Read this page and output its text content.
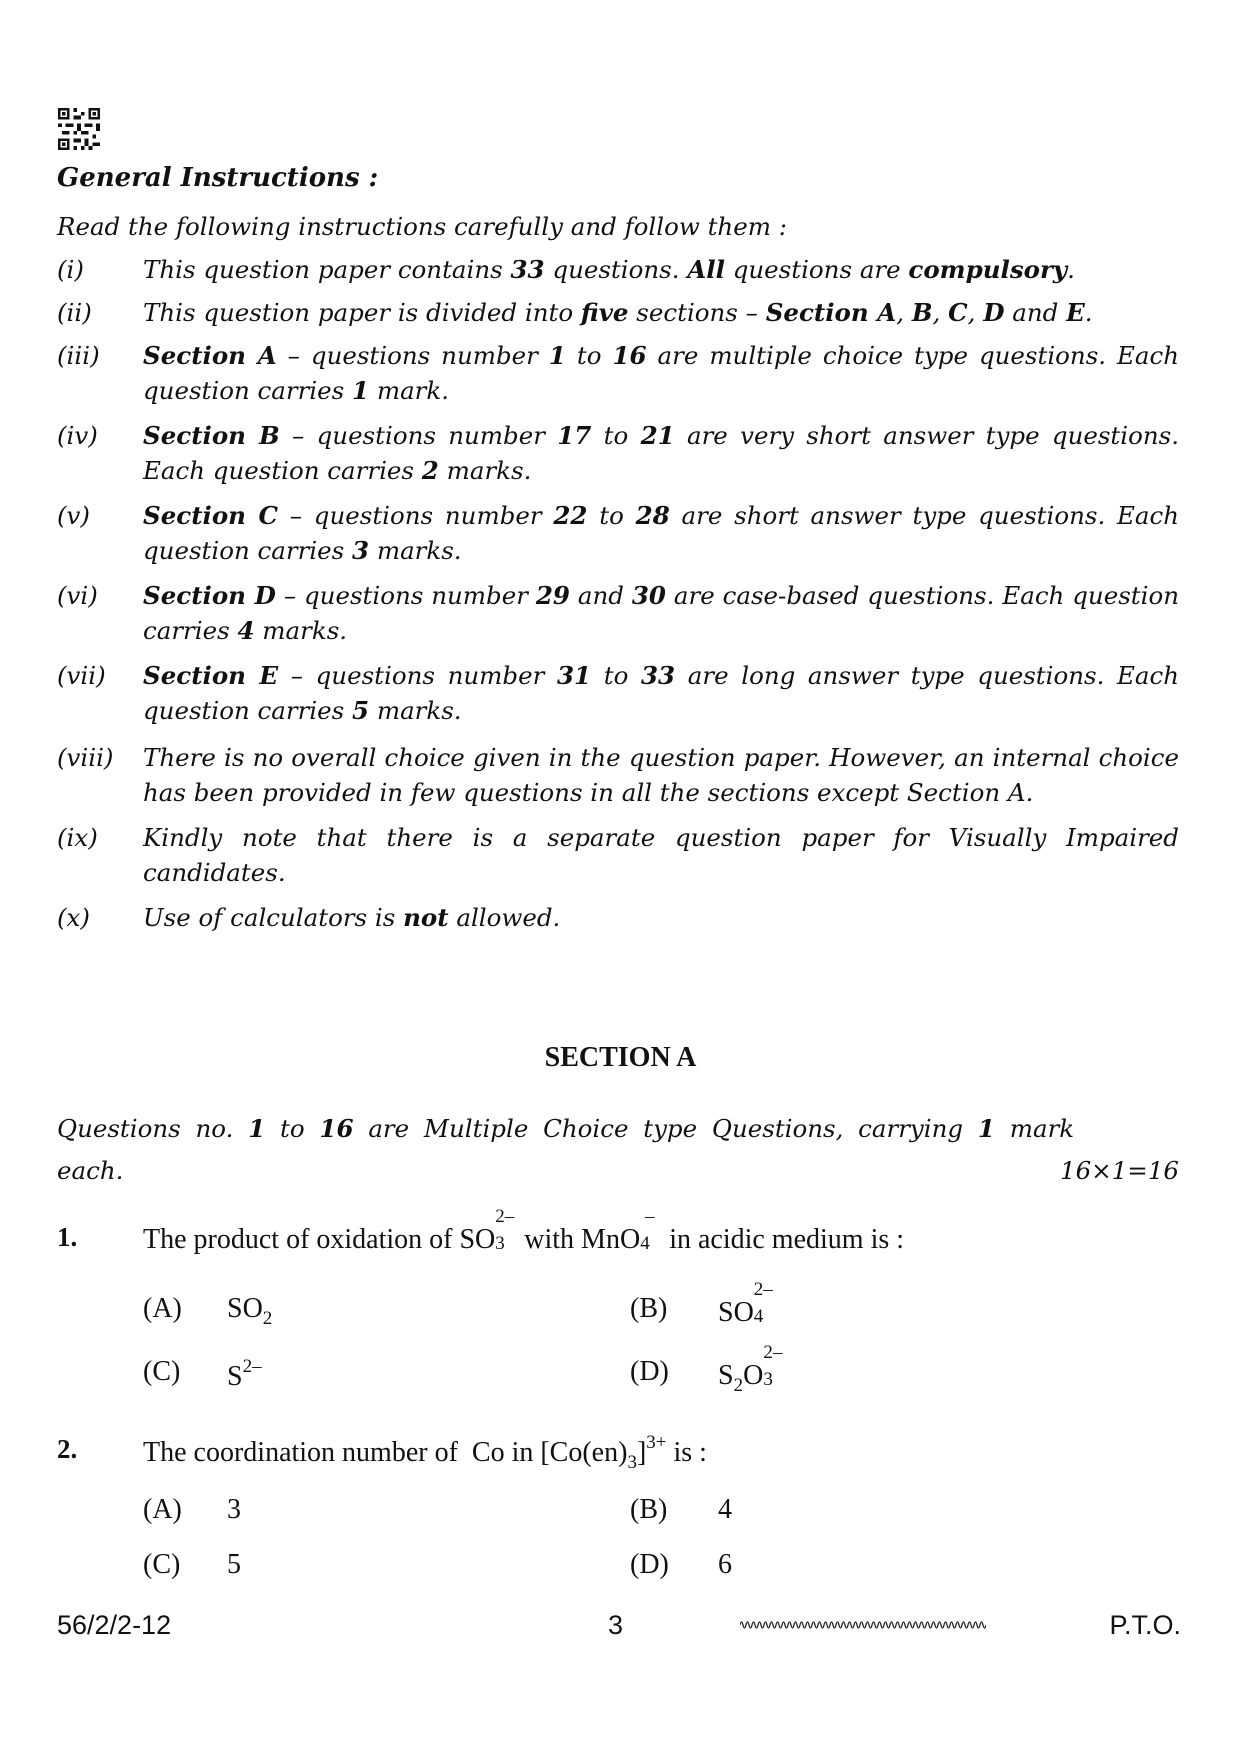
General Instructions :
Read the following instructions carefully and follow them :
(i) This question paper contains 33 questions. All questions are compulsory.
(ii) This question paper is divided into five sections – Section A, B, C, D and E.
(iii) Section A – questions number 1 to 16 are multiple choice type questions. Each question carries 1 mark.
(iv) Section B – questions number 17 to 21 are very short answer type questions. Each question carries 2 marks.
(v) Section C – questions number 22 to 28 are short answer type questions. Each question carries 3 marks.
(vi) Section D – questions number 29 and 30 are case-based questions. Each question carries 4 marks.
(vii) Section E – questions number 31 to 33 are long answer type questions. Each question carries 5 marks.
(viii) There is no overall choice given in the question paper. However, an internal choice has been provided in few questions in all the sections except Section A.
(ix) Kindly note that there is a separate question paper for Visually Impaired candidates.
(x) Use of calculators is not allowed.
SECTION A
Questions no. 1 to 16 are Multiple Choice type Questions, carrying 1 mark
each.	16×1=16
1. The product of oxidation of SO
2–
3 with MnO
–
4 in acidic medium is :
(A) $SO_2$	(B) SO
2–
4
(C) $S^{2-}$	(D) $S_2O$
2–
3
2. The coordination number of  Co in $[Co(en)_3]^{3+}$ is :
(A) 3	(B) 4
(C) 5	(D) 6
56/2/2-12	3	P.T.O.
